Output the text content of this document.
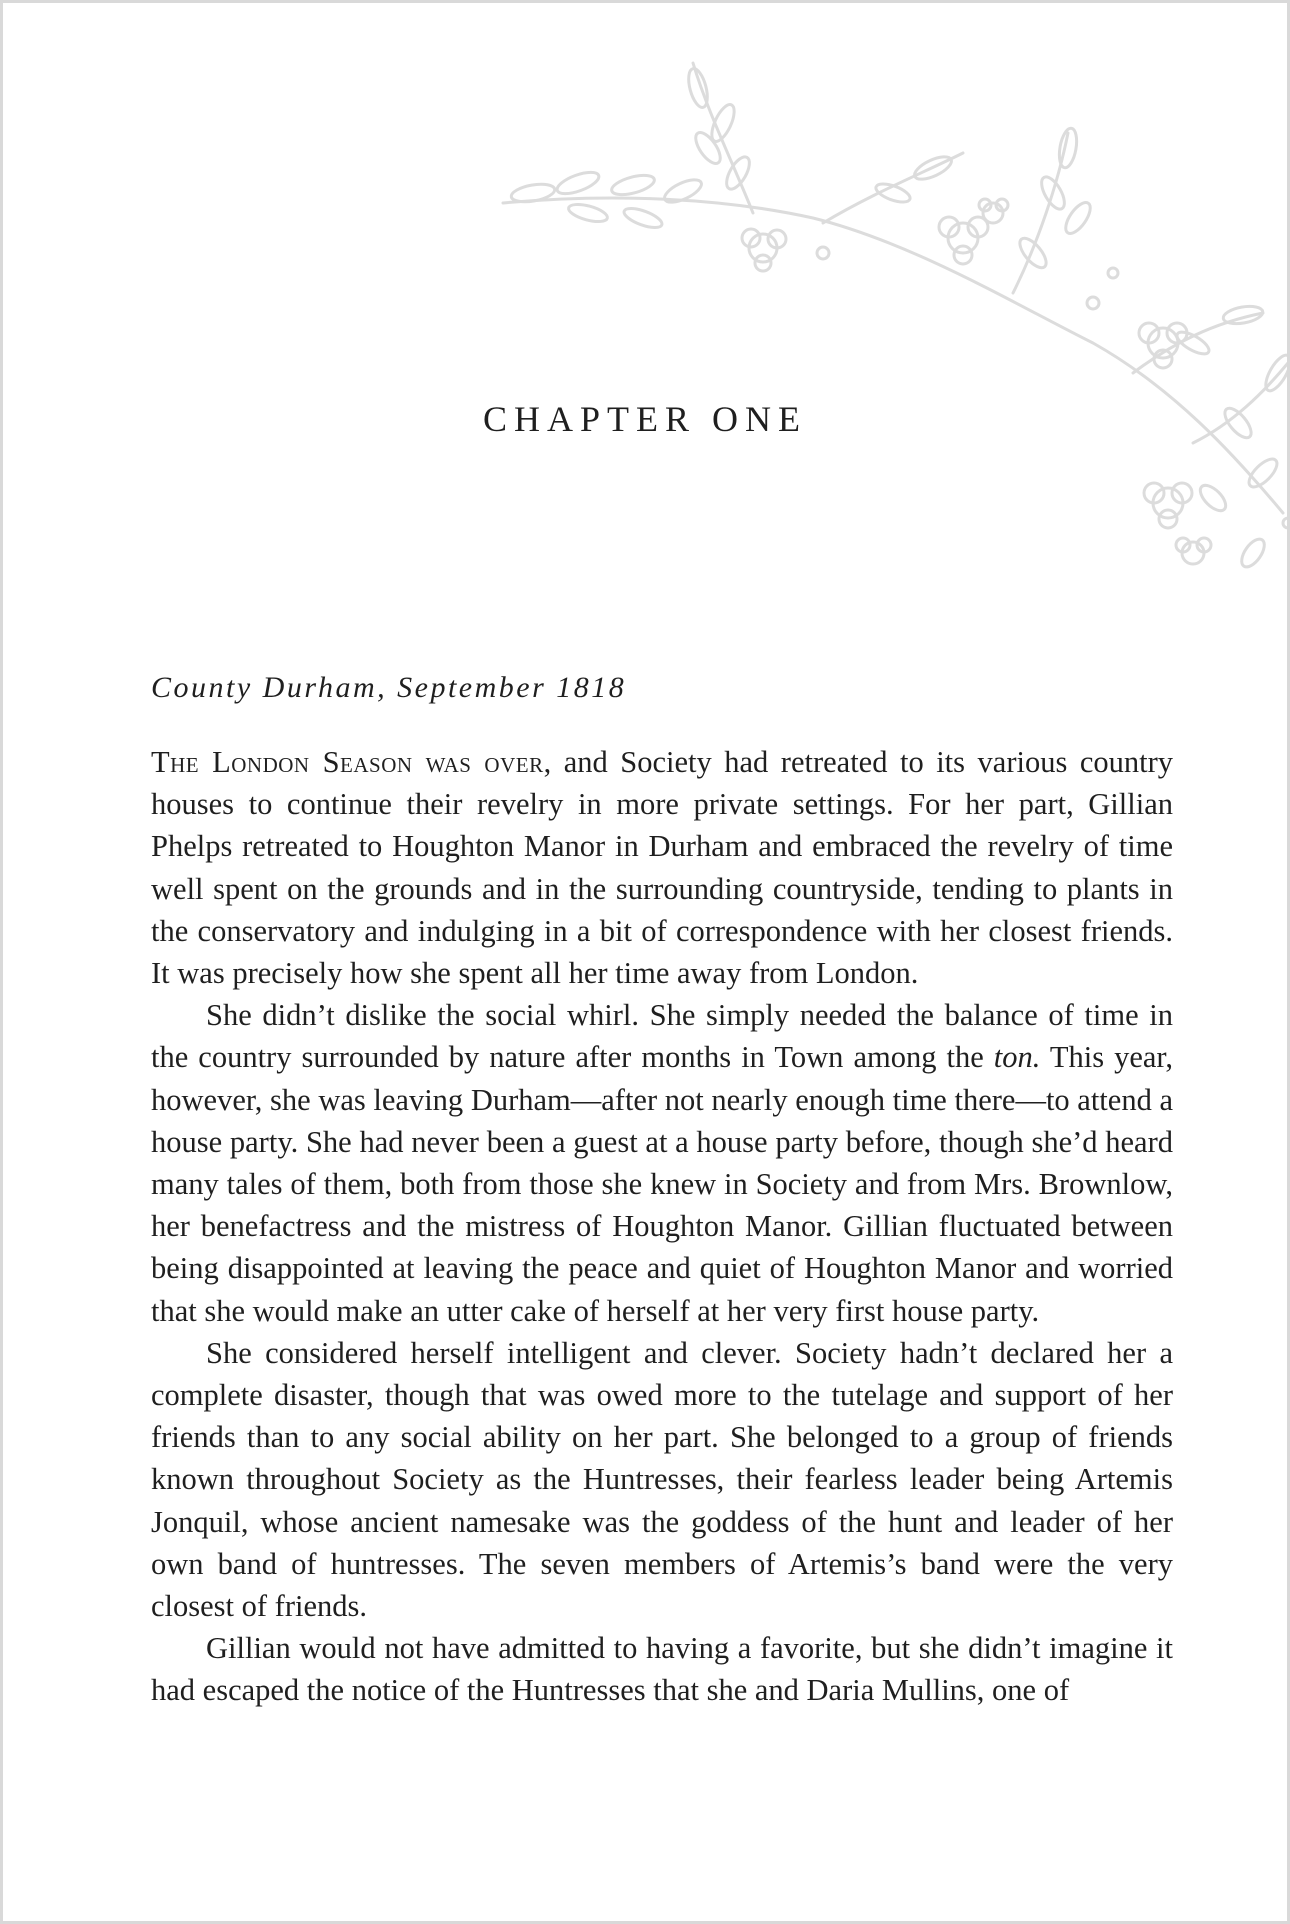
CHAPTER ONE

County Durham, September 1818

The London Season was over, and Society had retreated to its various country houses to continue their revelry in more private settings. For her part, Gillian Phelps retreated to Houghton Manor in Durham and embraced the revelry of time well spent on the grounds and in the surrounding countryside, tending to plants in the conservatory and indulging in a bit of correspondence with her closest friends. It was precisely how she spent all her time away from London.

She didn’t dislike the social whirl. She simply needed the balance of time in the country surrounded by nature after months in Town among the ton. This year, however, she was leaving Durham—after not nearly enough time there—to attend a house party. She had never been a guest at a house party before, though she’d heard many tales of them, both from those she knew in Society and from Mrs. Brownlow, her benefactress and the mistress of Houghton Manor. Gillian fluctuated between being disappointed at leaving the peace and quiet of Houghton Manor and worried that she would make an utter cake of herself at her very first house party.

She considered herself intelligent and clever. Society hadn’t declared her a complete disaster, though that was owed more to the tutelage and support of her friends than to any social ability on her part. She belonged to a group of friends known throughout Society as the Huntresses, their fearless leader being Artemis Jonquil, whose ancient namesake was the goddess of the hunt and leader of her own band of huntresses. The seven members of Artemis’s band were the very closest of friends.

Gillian would not have admitted to having a favorite, but she didn’t imagine it had escaped the notice of the Huntresses that she and Daria Mullins, one of
